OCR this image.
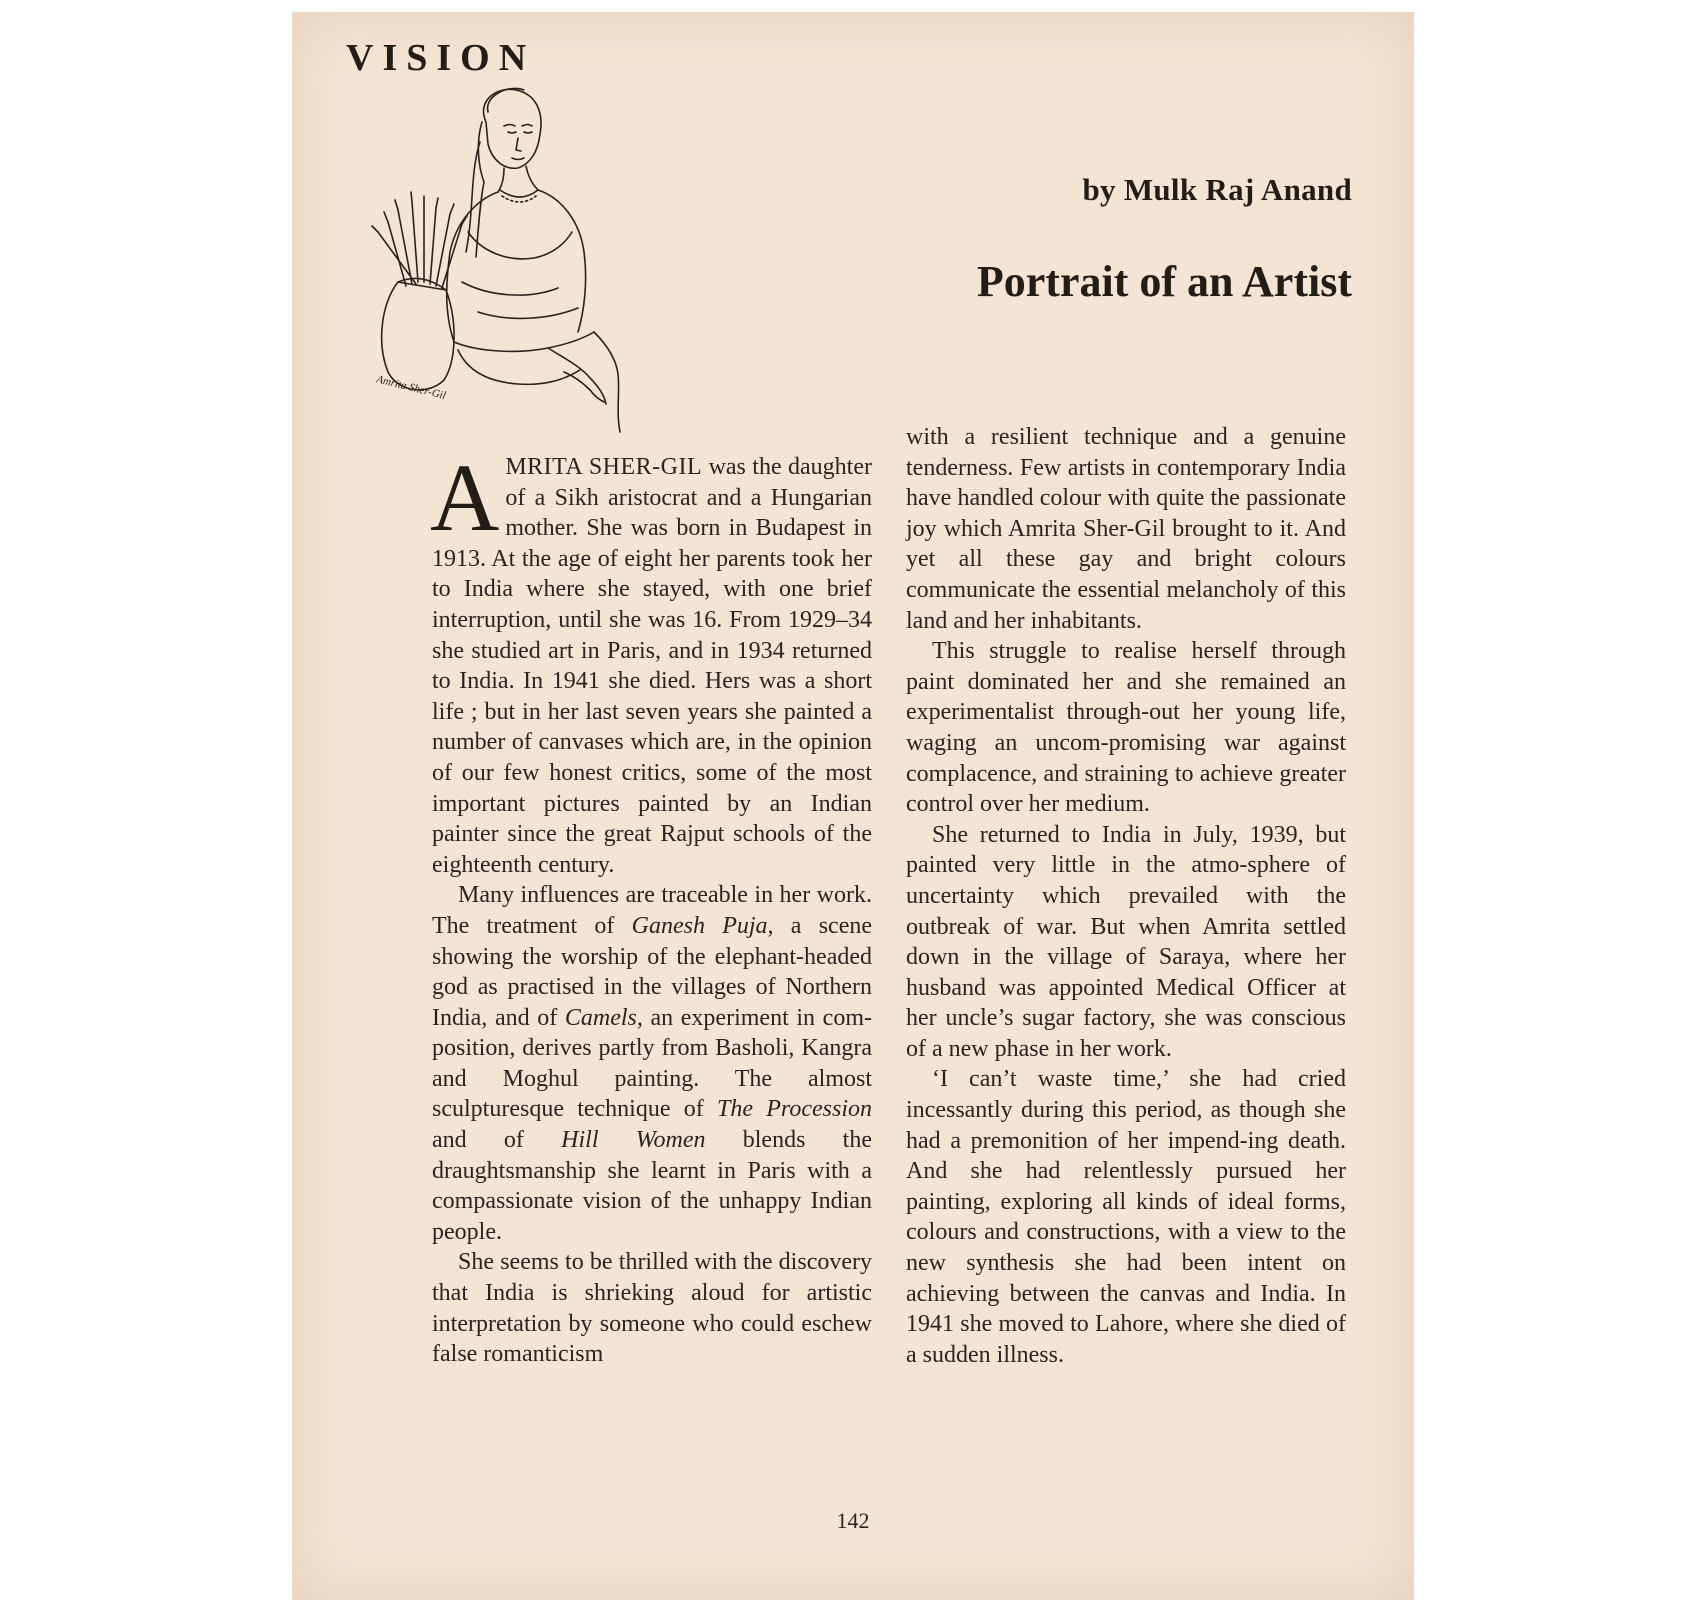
VISION
Amrita Sher-Gil
by Mulk Raj Anand
Portrait of an Artist

AMRITA SHER-GIL was the daughter of a Sikh aristocrat and a Hungarian mother. She was born in Budapest in 1913. At the age of eight her parents took her to India where she stayed, with one brief interruption, until she was 16. From 1929–34 she studied art in Paris, and in 1934 returned to India. In 1941 she died. Hers was a short life ; but in her last seven years she painted a number of canvases which are, in the opinion of our few honest critics, some of the most important pictures painted by an Indian painter since the great Rajput schools of the eighteenth century.

Many influences are traceable in her work. The treatment of Ganesh Puja, a scene showing the worship of the elephant-headed god as practised in the villages of Northern India, and of Camels, an experiment in com-position, derives partly from Basholi, Kangra and Moghul painting. The almost sculpturesque technique of The Procession and of Hill Women blends the draughtsmanship she learnt in Paris with a compassionate vision of the unhappy Indian people.

She seems to be thrilled with the discovery that India is shrieking aloud for artistic interpretation by someone who could eschew false romanticism

with a resilient technique and a genuine tenderness. Few artists in contemporary India have handled colour with quite the passionate joy which Amrita Sher-Gil brought to it. And yet all these gay and bright colours communicate the essential melancholy of this land and her inhabitants.

This struggle to realise herself through paint dominated her and she remained an experimentalist through-out her young life, waging an uncom-promising war against complacence, and straining to achieve greater control over her medium.

She returned to India in July, 1939, but painted very little in the atmo-sphere of uncertainty which prevailed with the outbreak of war. But when Amrita settled down in the village of Saraya, where her husband was appointed Medical Officer at her uncle’s sugar factory, she was conscious of a new phase in her work.

‘I can’t waste time,’ she had cried incessantly during this period, as though she had a premonition of her impend-ing death. And she had relentlessly pursued her painting, exploring all kinds of ideal forms, colours and constructions, with a view to the new synthesis she had been intent on achieving between the canvas and India. In 1941 she moved to Lahore, where she died of a sudden illness.

142
